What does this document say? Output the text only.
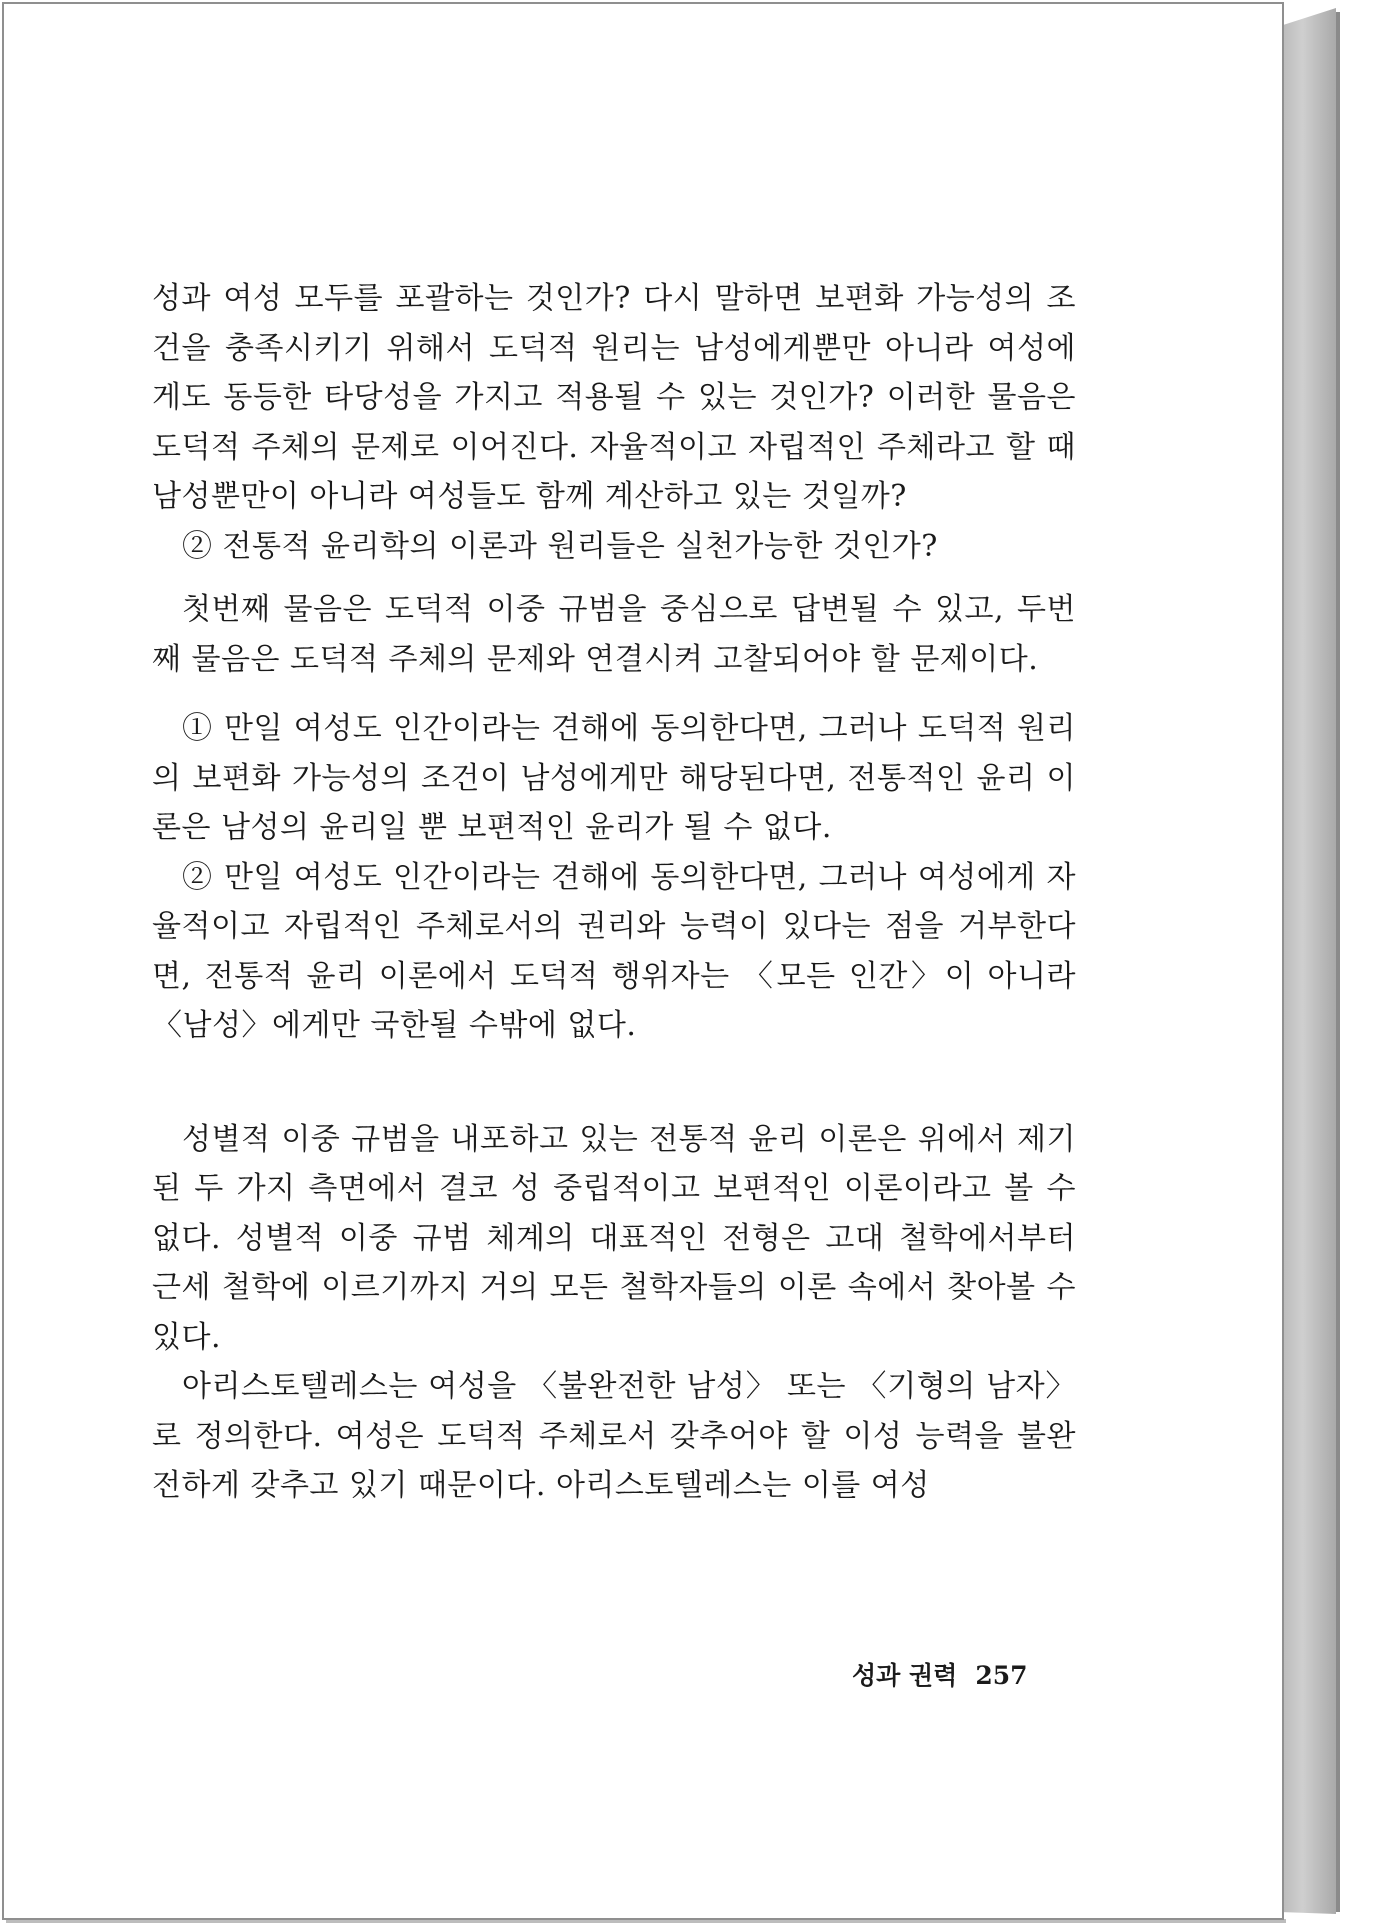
성과 여성 모두를 포괄하는 것인가? 다시 말하면 보편화 가능성의 조건을 충족시키기 위해서 도덕적 원리는 남성에게뿐만 아니라 여성에게도 동등한 타당성을 가지고 적용될 수 있는 것인가? 이러한 물음은 도덕적 주체의 문제로 이어진다. 자율적이고 자립적인 주체라고 할 때 남성뿐만이 아니라 여성들도 함께 계산하고 있는 것일까?

② 전통적 윤리학의 이론과 원리들은 실천가능한 것인가?

첫번째 물음은 도덕적 이중 규범을 중심으로 답변될 수 있고, 두번째 물음은 도덕적 주체의 문제와 연결시켜 고찰되어야 할 문제이다.

① 만일 여성도 인간이라는 견해에 동의한다면, 그러나 도덕적 원리의 보편화 가능성의 조건이 남성에게만 해당된다면, 전통적인 윤리 이론은 남성의 윤리일 뿐 보편적인 윤리가 될 수 없다.

② 만일 여성도 인간이라는 견해에 동의한다면, 그러나 여성에게 자율적이고 자립적인 주체로서의 권리와 능력이 있다는 점을 거부한다면, 전통적 윤리 이론에서 도덕적 행위자는 〈모든 인간〉이 아니라 〈남성〉에게만 국한될 수밖에 없다.

성별적 이중 규범을 내포하고 있는 전통적 윤리 이론은 위에서 제기된 두 가지 측면에서 결코 성 중립적이고 보편적인 이론이라고 볼 수 없다. 성별적 이중 규범 체계의 대표적인 전형은 고대 철학에서부터 근세 철학에 이르기까지 거의 모든 철학자들의 이론 속에서 찾아볼 수 있다.

아리스토텔레스는 여성을 〈불완전한 남성〉 또는 〈기형의 남자〉로 정의한다. 여성은 도덕적 주체로서 갖추어야 할 이성 능력을 불완전하게 갖추고 있기 때문이다. 아리스토텔레스는 이를 여성

성과 권력 257
